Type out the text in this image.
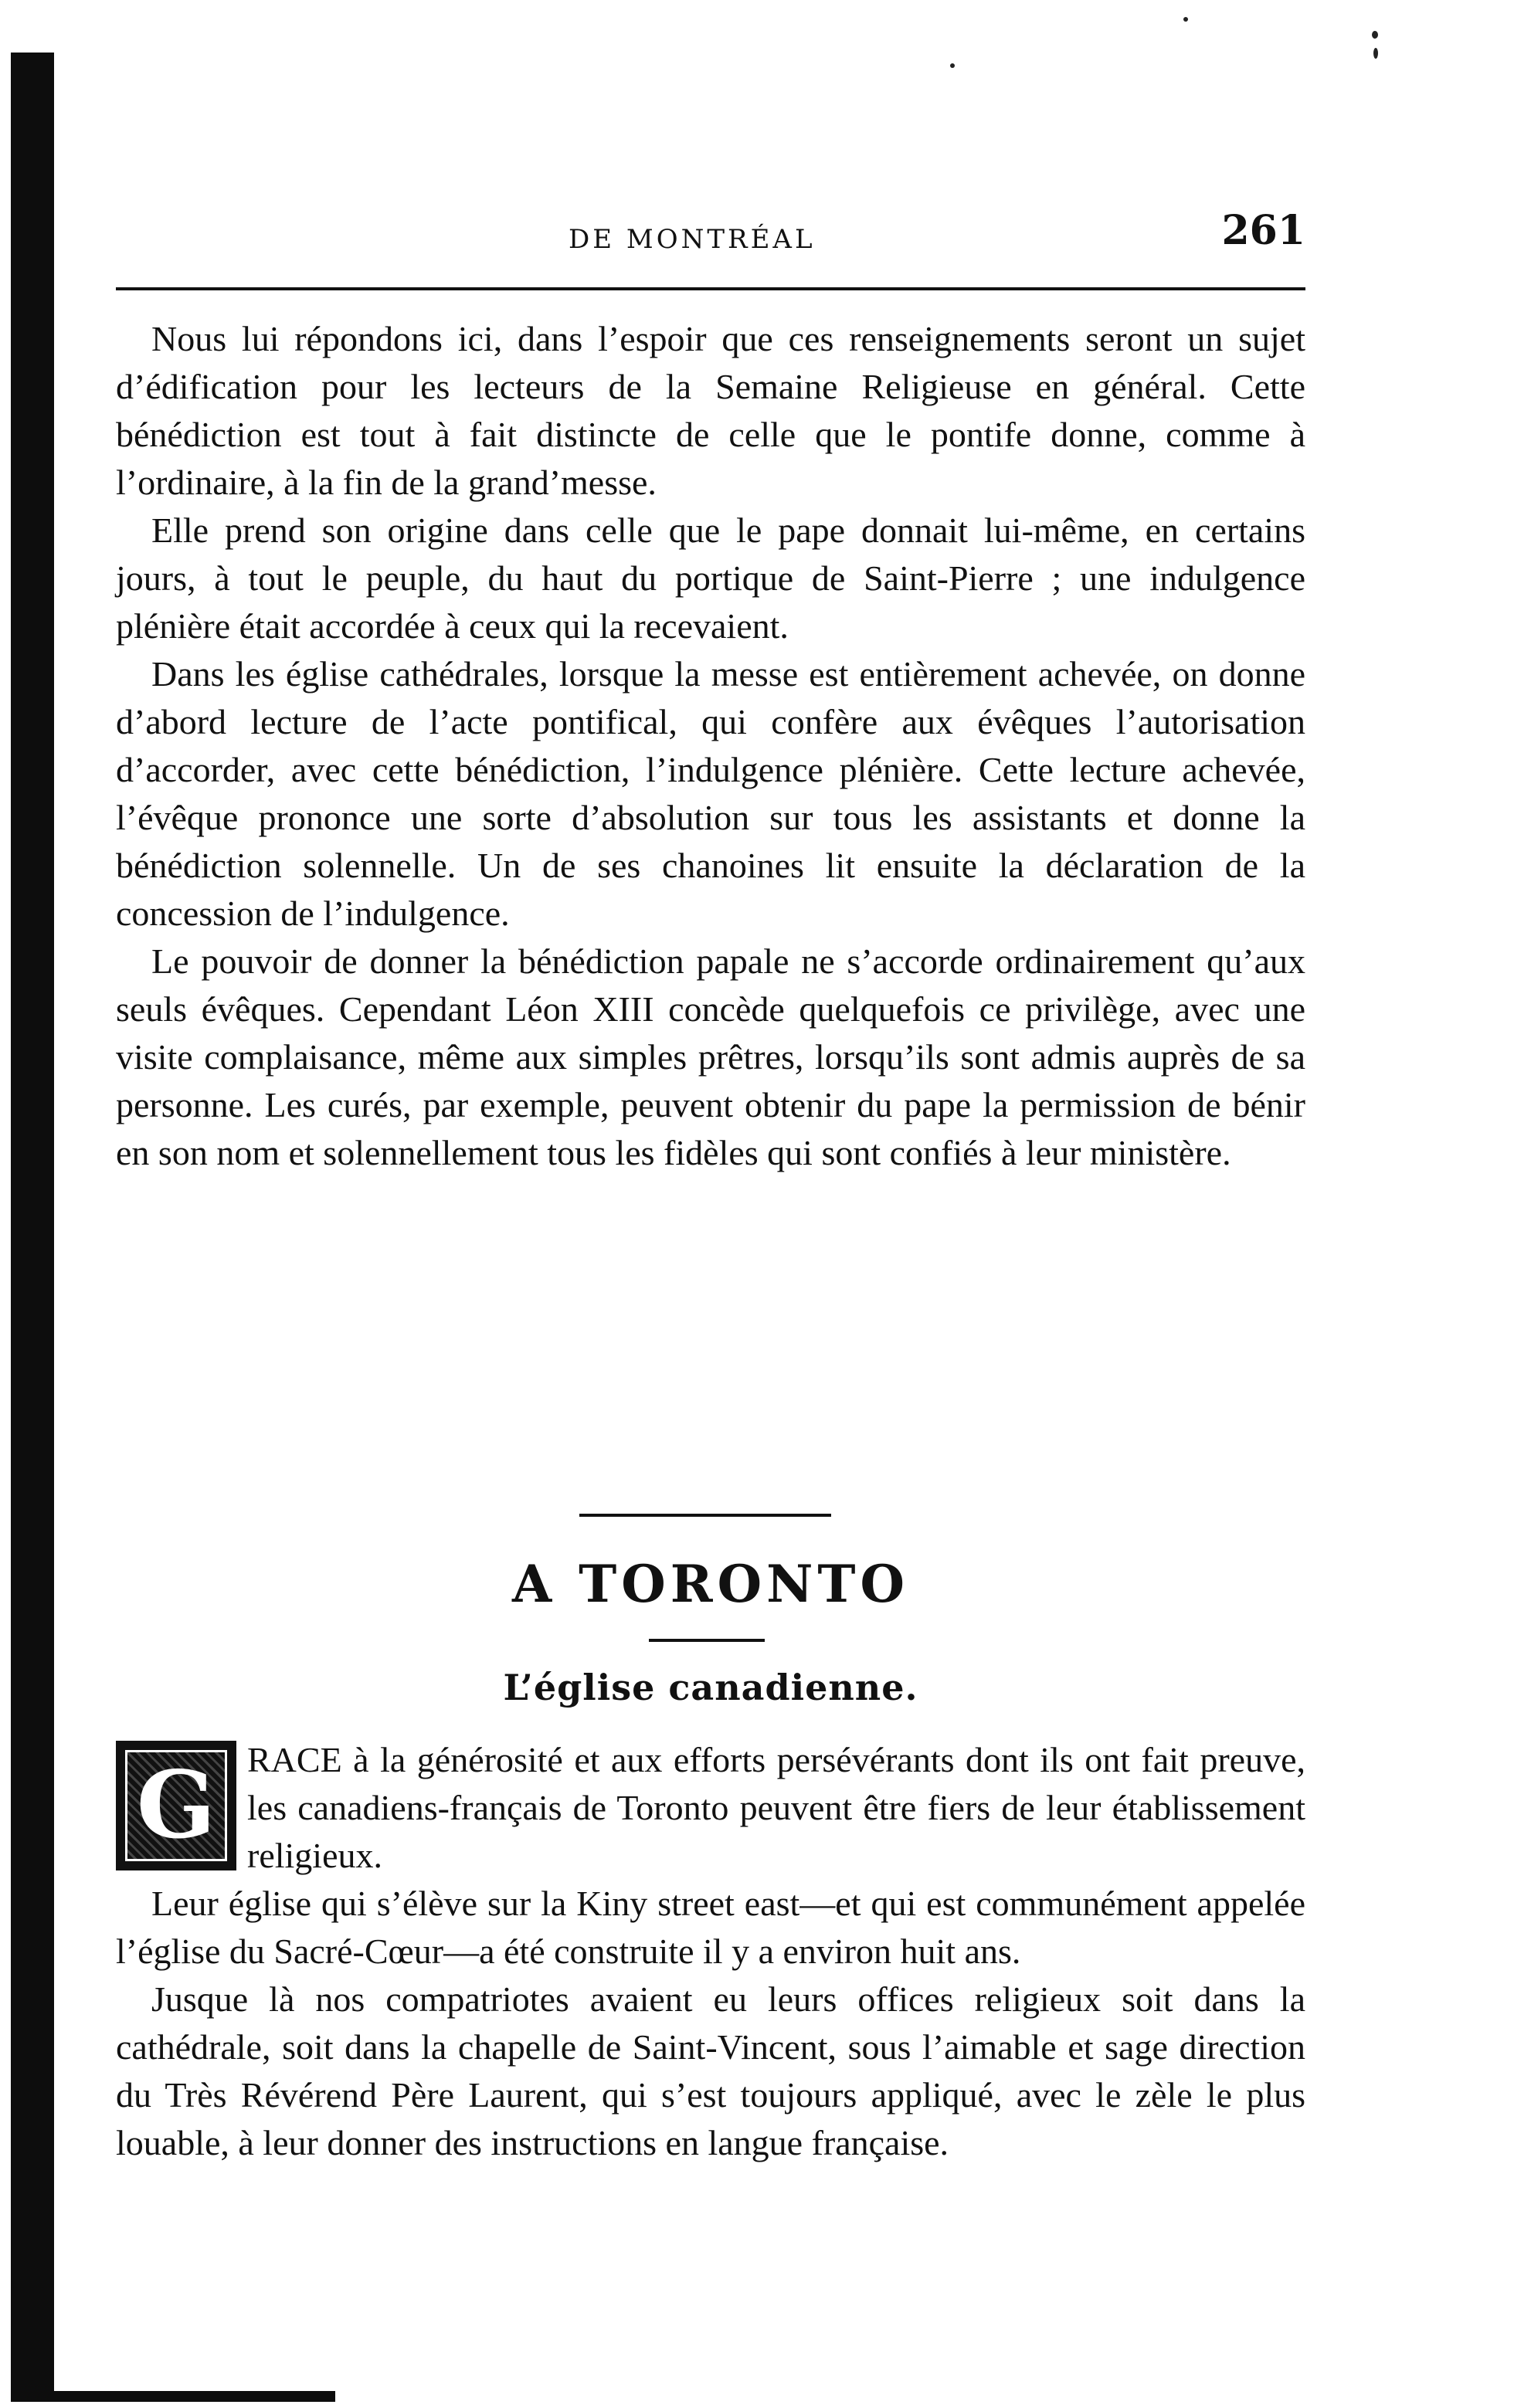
DE MONTRÉAL	261

Nous lui répondons ici, dans l’espoir que ces renseignements seront un sujet d’édification pour les lecteurs de la Semaine Religieuse en général. Cette bénédiction est tout à fait distincte de celle que le pontife donne, comme à l’ordinaire, à la fin de la grand’messe.

Elle prend son origine dans celle que le pape donnait lui-même, en certains jours, à tout le peuple, du haut du portique de Saint-Pierre ; une indulgence plénière était accordée à ceux qui la recevaient.

Dans les église cathédrales, lorsque la messe est entièrement achevée, on donne d’abord lecture de l’acte pontifical, qui confère aux évêques l’autorisation d’accorder, avec cette bénédiction, l’indulgence plénière. Cette lecture achevée, l’évêque prononce une sorte d’absolution sur tous les assistants et donne la bénédiction solennelle. Un de ses chanoines lit ensuite la déclaration de la concession de l’indulgence.

Le pouvoir de donner la bénédiction papale ne s’accorde ordinairement qu’aux seuls évêques. Cependant Léon XIII concède quelquefois ce privilège, avec une visite complaisance, même aux simples prêtres, lorsqu’ils sont admis auprès de sa personne. Les curés, par exemple, peuvent obtenir du pape la permission de bénir en son nom et solennellement tous les fidèles qui sont confiés à leur ministère.

A TORONTO
L’église canadienne.

G RACE à la générosité et aux efforts persévérants dont ils ont fait preuve, les canadiens-français de Toronto peuvent être fiers de leur établissement religieux.

Leur église qui s’élève sur la Kiny street east—et qui est communément appelée l’église du Sacré-Cœur—a été construite il y a environ huit ans.

Jusque là nos compatriotes avaient eu leurs offices religieux soit dans la cathédrale, soit dans la chapelle de Saint-Vincent, sous l’aimable et sage direction du Très Révérend Père Laurent, qui s’est toujours appliqué, avec le zèle le plus louable, à leur donner des instructions en langue française.
